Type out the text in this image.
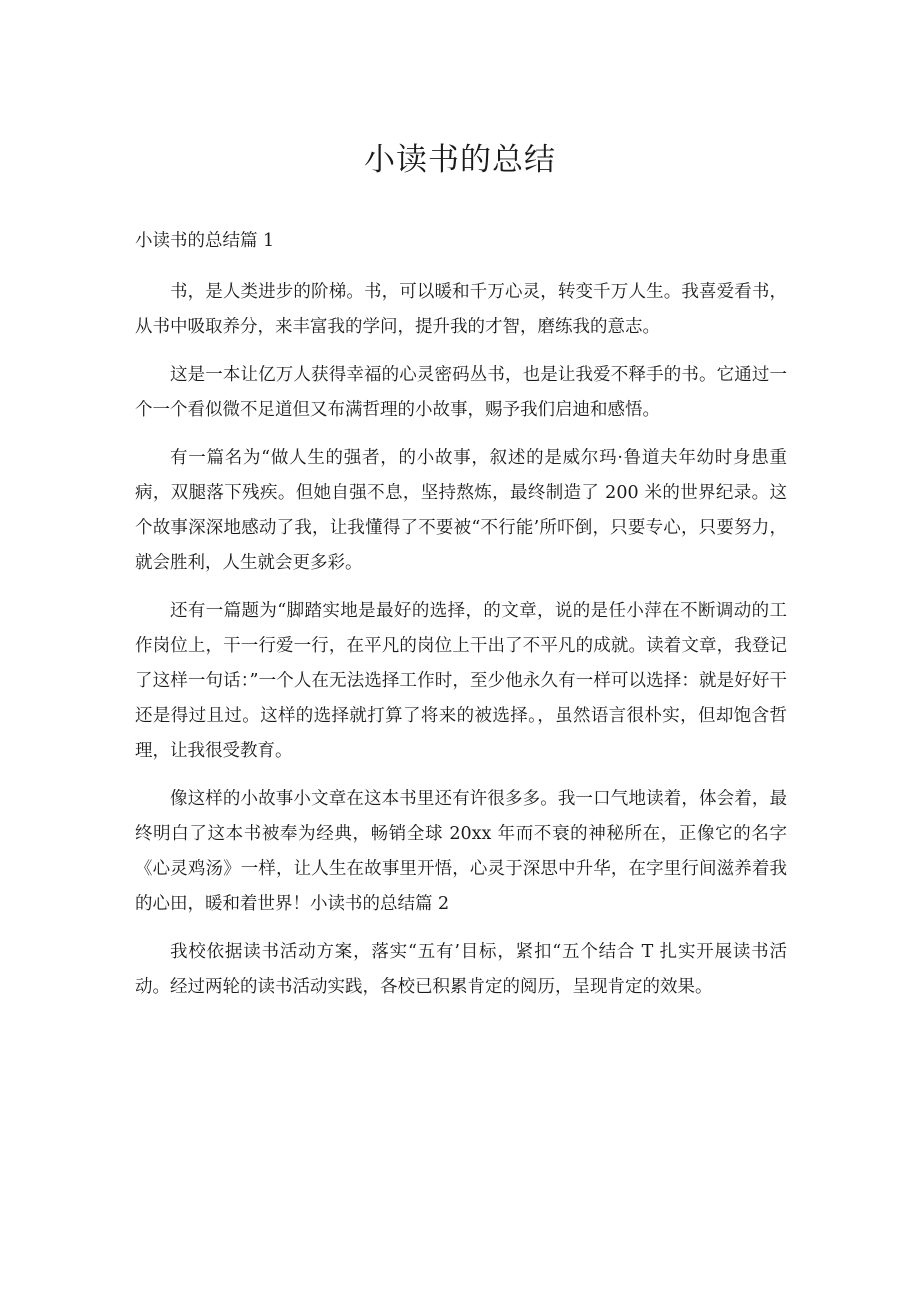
小读书的总结

小读书的总结篇 1

书，是人类进步的阶梯。书，可以暖和千万心灵，转变千万人生。我喜爱看书，从书中吸取养分，来丰富我的学问，提升我的才智，磨练我的意志。

这是一本让亿万人获得幸福的心灵密码丛书，也是让我爱不释手的书。它通过一个一个看似微不足道但又布满哲理的小故事，赐予我们启迪和感悟。

有一篇名为“做人生的强者，的小故事，叙述的是威尔玛·鲁道夫年幼时身患重病，双腿落下残疾。但她自强不息，坚持熬炼，最终制造了 200 米的世界纪录。这个故事深深地感动了我，让我懂得了不要被“不行能’所吓倒，只要专心，只要努力，就会胜利，人生就会更多彩。

还有一篇题为“脚踏实地是最好的选择，的文章，说的是任小萍在不断调动的工作岗位上，干一行爱一行，在平凡的岗位上干出了不平凡的成就。读着文章，我登记了这样一句话：”一个人在无法选择工作时，至少他永久有一样可以选择：就是好好干还是得过且过。这样的选择就打算了将来的被选择。，虽然语言很朴实，但却饱含哲理，让我很受教育。

像这样的小故事小文章在这本书里还有许很多多。我一口气地读着，体会着，最终明白了这本书被奉为经典，畅销全球 20xx 年而不衰的神秘所在，正像它的名字《心灵鸡汤》一样，让人生在故事里开悟，心灵于深思中升华，在字里行间滋养着我的心田，暖和着世界！小读书的总结篇 2

我校依据读书活动方案，落实“五有’目标，紧扣“五个结合 T 扎实开展读书活动。经过两轮的读书活动实践，各校已积累肯定的阅历，呈现肯定的效果。
